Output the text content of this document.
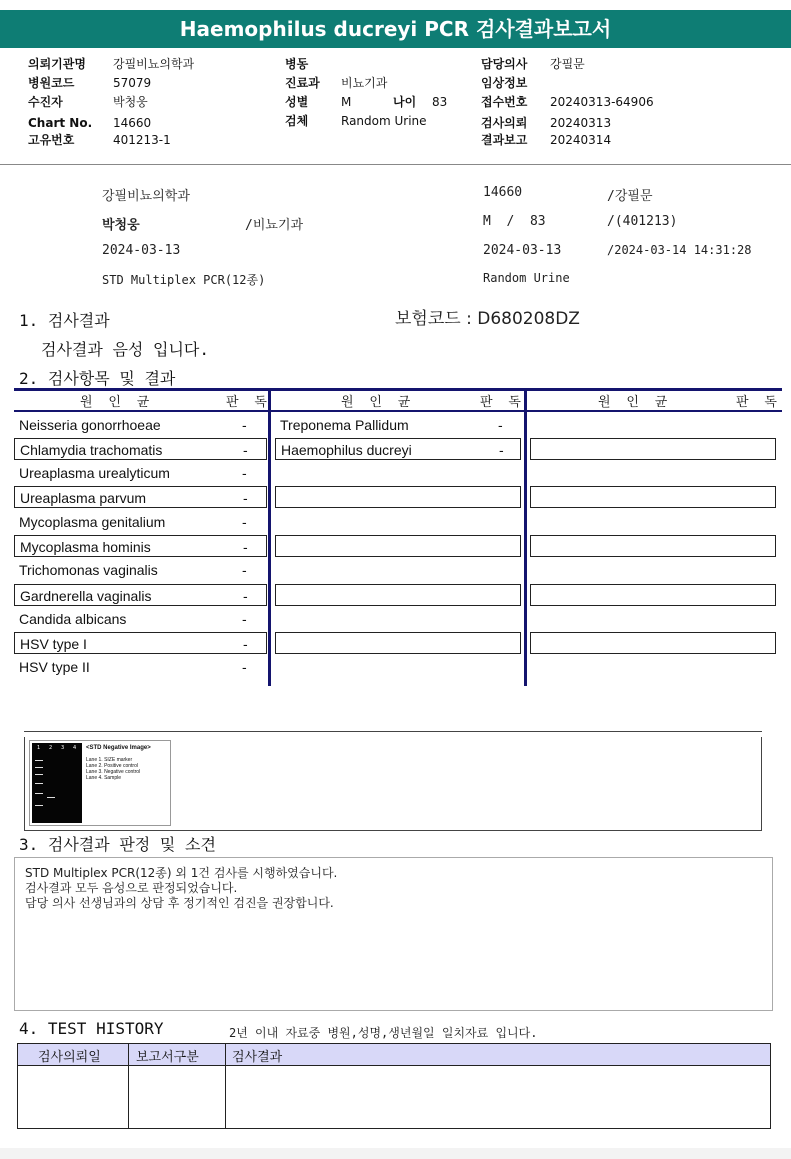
Haemophilus ducreyi PCR 검사결과보고서
의뢰기관명 강필비뇨의학과
병원코드	57079
수진자	박청웅
Chart No. 14660
고유번호	401213-1
병동
진료과 비뇨기과
성별	M	나이 83
검체	Random Urine
담당의사 강필문
임상정보
접수번호 20240313-64906
검사의뢰 20240313
결과보고 20240314
강필비뇨의학과	14660	/강필문
박청웅	/비뇨기과	M  /  83	/(401213)
2024-03-13	2024-03-13	/2024-03-14 14:31:28
STD Multiplex PCR(12종)	Random Urine
1. 검사결과	보험코드 : D680208DZ
검사결과 음성 입니다.
2. 검사항목 및 결과
원 인 균	판 독	원 인 균	판 독	원 인 균	판 독
Neisseria gonorrhoeae	-
Chlamydia trachomatis	-
Ureaplasma urealyticum	-
Ureaplasma parvum	-
Mycoplasma genitalium	-
Mycoplasma hominis	-
Trichomonas vaginalis	-
Gardnerella vaginalis	-
Candida albicans	-
HSV type I	-
HSV type II	-
Treponema Pallidum	-
Haemophilus ducreyi	-
1 2 3 4 <STD Negative Image>
Lane 1. SIZE marker
Lane 2. Positive control
Lane 3. Negative control
Lane 4. Sample
3. 검사결과 판정 및 소견
STD Multiplex PCR(12종) 외 1건 검사를 시행하였습니다.
검사결과 모두 음성으로 판정되었습니다.
담당 의사 선생님과의 상담 후 정기적인 검진을 권장합니다.
4. TEST HISTORY	2년 이내 자료중 병원,성명,생년월일 일치자료 입니다.
검사의뢰일	보고서구분	검사결과
